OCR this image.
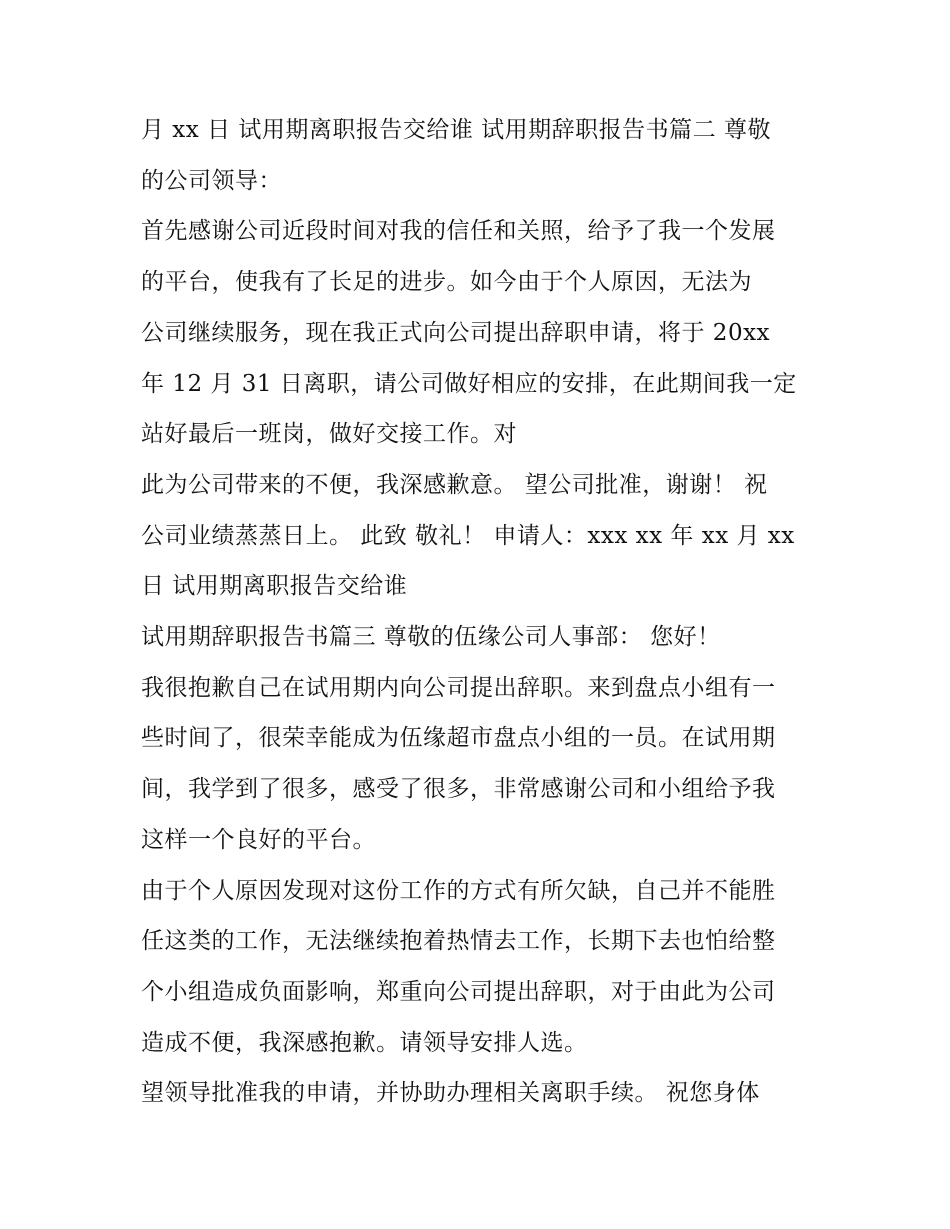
月 xx 日 试用期离职报告交给谁 试用期辞职报告书篇二 尊敬
的公司领导：
首先感谢公司近段时间对我的信任和关照，给予了我一个发展
的平台，使我有了长足的进步。如今由于个人原因，无法为
公司继续服务，现在我正式向公司提出辞职申请，将于 20xx
年 12 月 31 日离职，请公司做好相应的安排，在此期间我一定
站好最后一班岗，做好交接工作。对
此为公司带来的不便，我深感歉意。 望公司批准，谢谢！ 祝
公司业绩蒸蒸日上。 此致 敬礼！ 申请人：xxx xx 年 xx 月 xx
日 试用期离职报告交给谁
试用期辞职报告书篇三 尊敬的伍缘公司人事部： 您好！
我很抱歉自己在试用期内向公司提出辞职。来到盘点小组有一
些时间了，很荣幸能成为伍缘超市盘点小组的一员。在试用期
间，我学到了很多，感受了很多，非常感谢公司和小组给予我
这样一个良好的平台。
由于个人原因发现对这份工作的方式有所欠缺，自己并不能胜
任这类的工作，无法继续抱着热情去工作，长期下去也怕给整
个小组造成负面影响，郑重向公司提出辞职，对于由此为公司
造成不便，我深感抱歉。请领导安排人选。
望领导批准我的申请，并协助办理相关离职手续。 祝您身体
